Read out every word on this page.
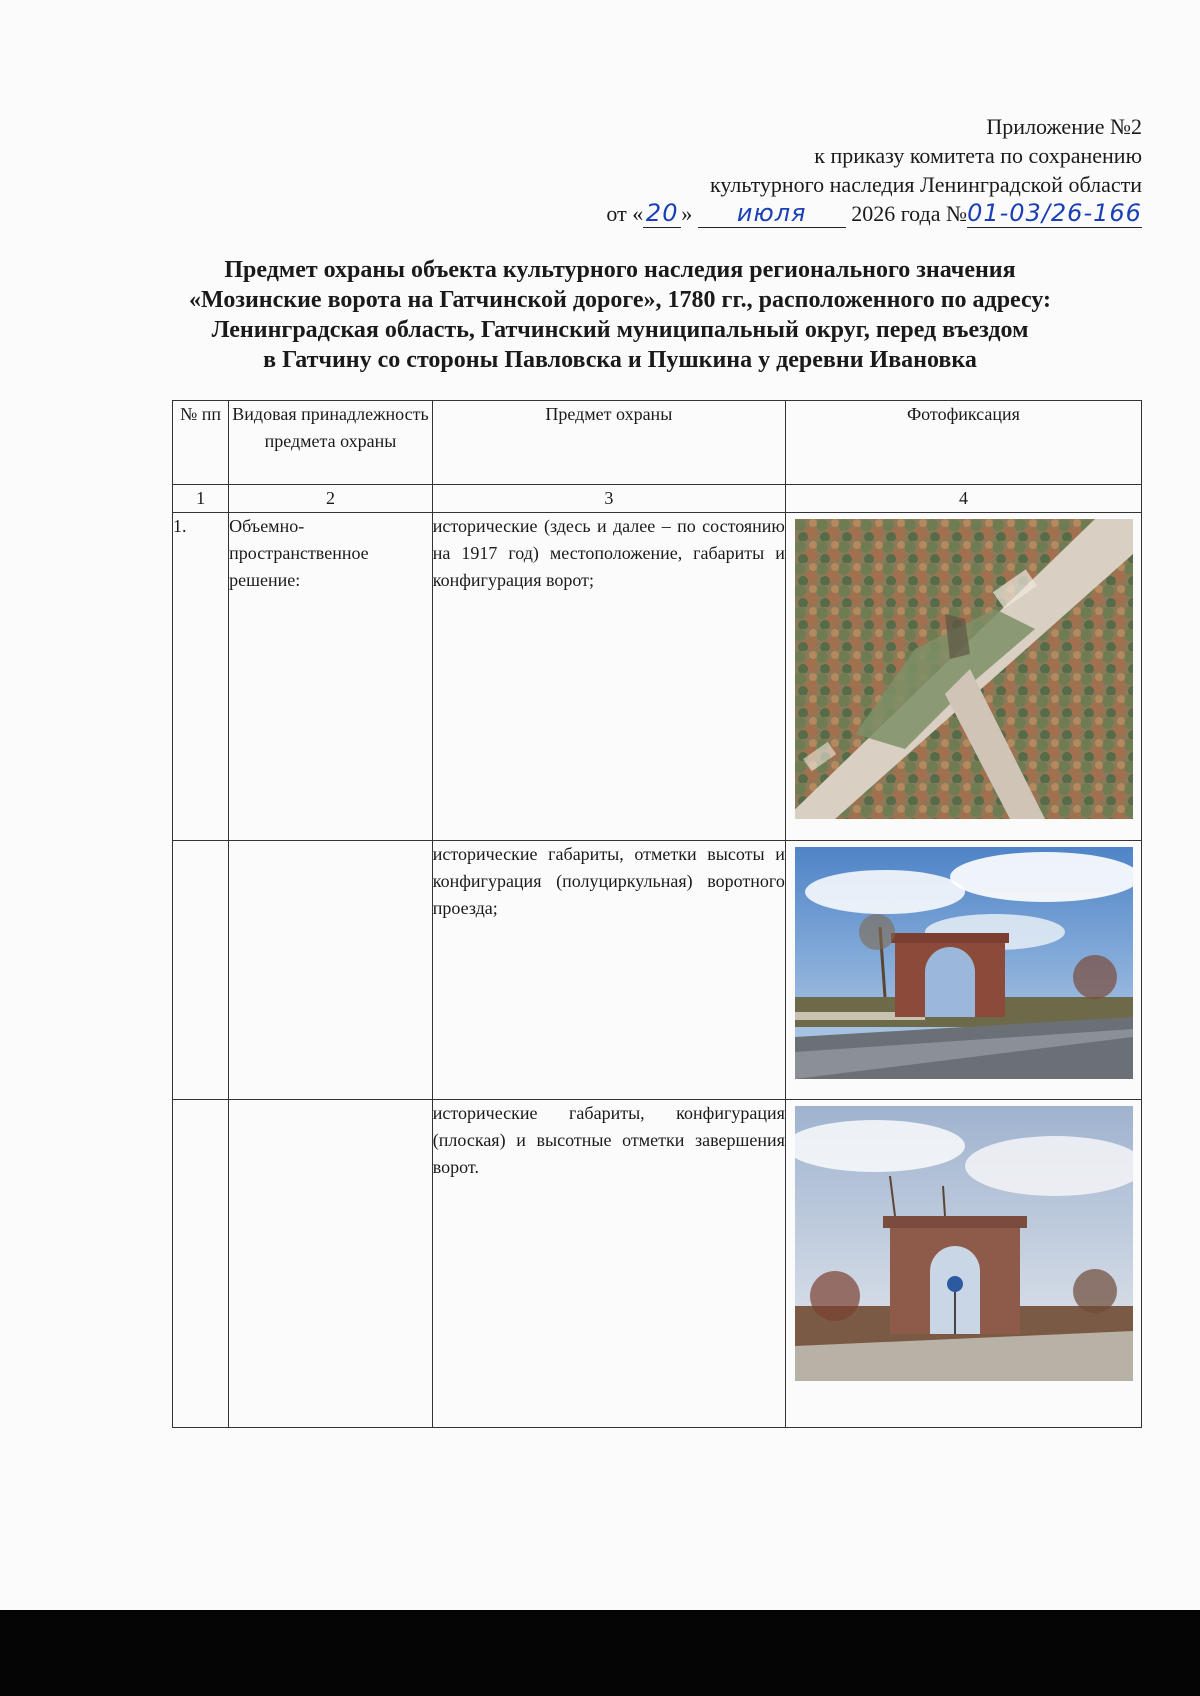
Приложение №2
к приказу комитета по сохранению
культурного наследия Ленинградской области
от « 20 » июля 2026 года №01-03/26-166
Предмет охраны объекта культурного наследия регионального значения
«Мозинские ворота на Гатчинской дороге», 1780 гг., расположенного по адресу:
Ленинградская область, Гатчинский муниципальный округ, перед въездом
в Гатчину со стороны Павловска и Пушкина у деревни Ивановка
№ пп	Видовая принадлежность предмета охраны	Предмет охраны	Фотофиксация
1	2	3	4
1.	Объемно-пространственное решение:	исторические (здесь и далее – по состоянию на 1917 год) местоположение, габариты и конфигурация ворот;	
		исторические габариты, отметки высоты и конфигурация (полуциркульная) воротного проезда;	
		исторические габариты, конфигурация (плоская) и высотные отметки завершения ворот.	
